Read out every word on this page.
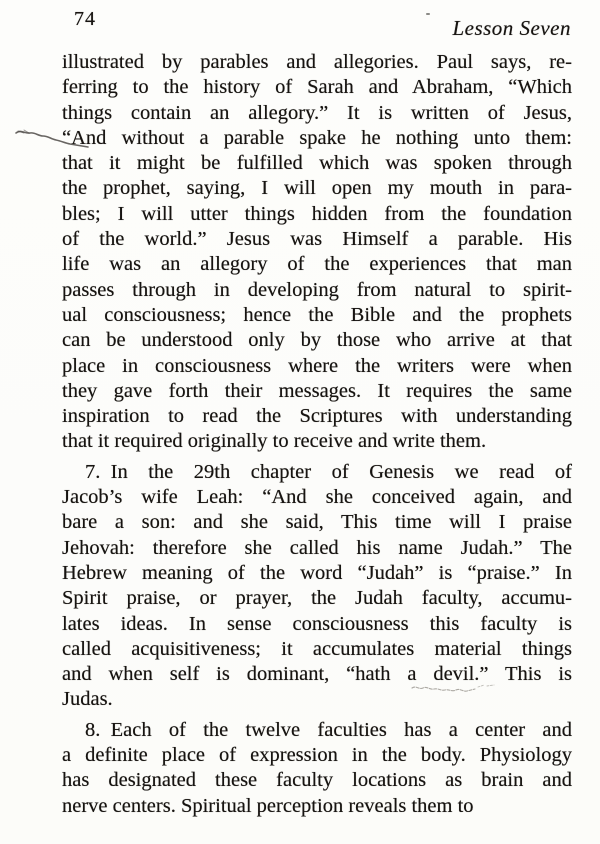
74	Lesson Seven
illustrated by parables and allegories. Paul says, re-
ferring to the history of Sarah and Abraham, “Which
things contain an allegory.” It is written of Jesus,
“And without a parable spake he nothing unto them:
that it might be fulfilled which was spoken through
the prophet, saying, I will open my mouth in para-
bles; I will utter things hidden from the foundation
of the world.” Jesus was Himself a parable. His
life was an allegory of the experiences that man
passes through in developing from natural to spirit-
ual consciousness; hence the Bible and the prophets
can be understood only by those who arrive at that
place in consciousness where the writers were when
they gave forth their messages. It requires the same
inspiration to read the Scriptures with understanding
that it required originally to receive and write them.
7. In the 29th chapter of Genesis we read of
Jacob’s wife Leah: “And she conceived again, and
bare a son: and she said, This time will I praise
Jehovah: therefore she called his name Judah.” The
Hebrew meaning of the word “Judah” is “praise.” In
Spirit praise, or prayer, the Judah faculty, accumu-
lates ideas. In sense consciousness this faculty is
called acquisitiveness; it accumulates material things
and when self is dominant, “hath a devil.” This is
Judas.
8. Each of the twelve faculties has a center and
a definite place of expression in the body. Physiology
has designated these faculty locations as brain and
nerve centers. Spiritual perception reveals them to
